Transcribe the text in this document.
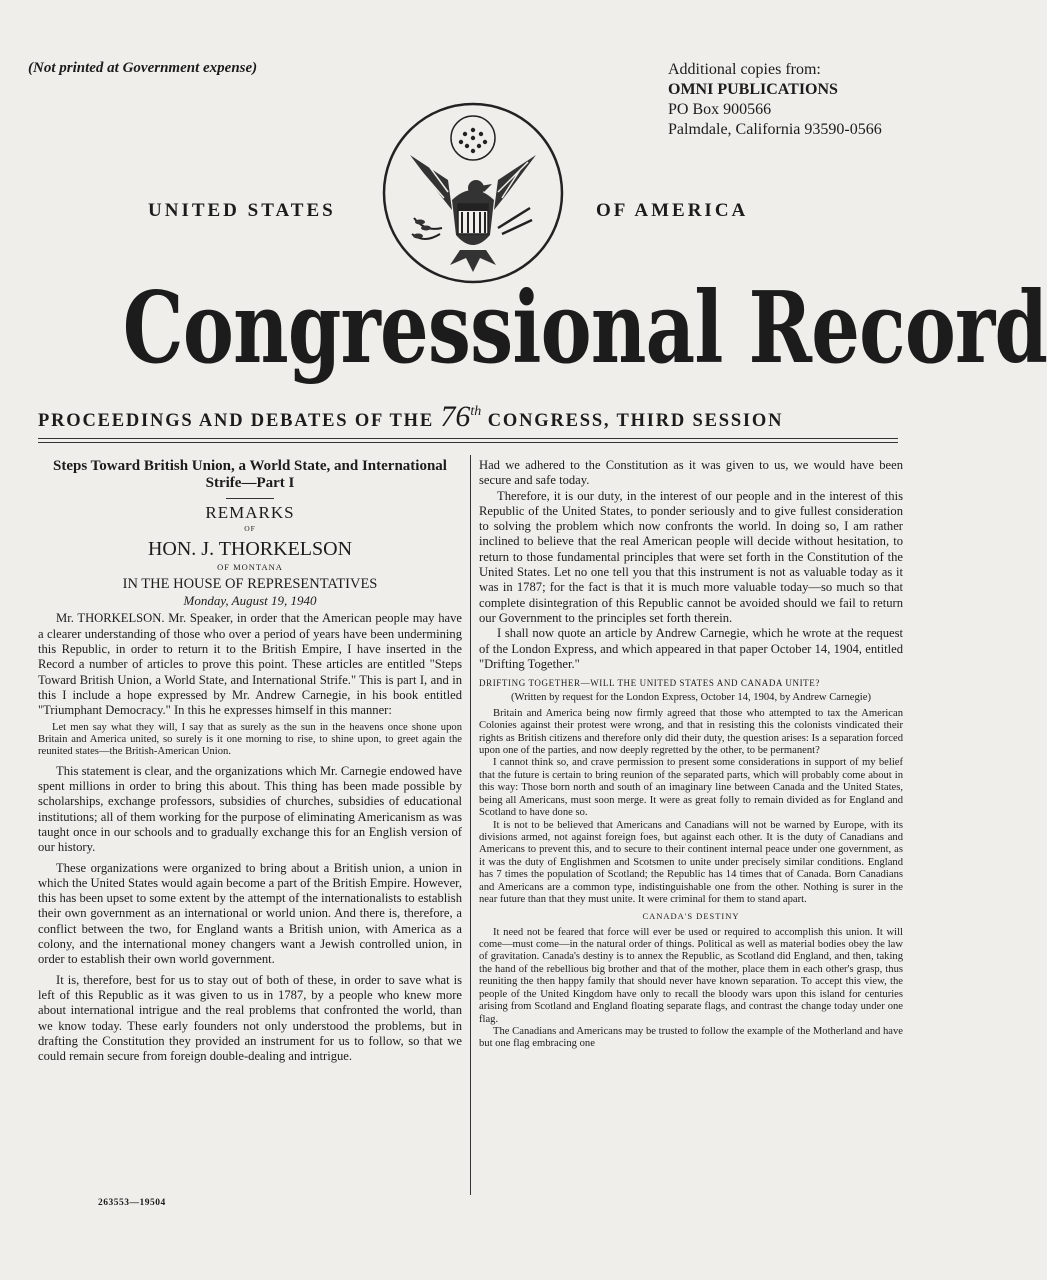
(Not printed at Government expense)	Additional copies from:
OMNI PUBLICATIONS
PO Box 900566
Palmdale, California 93590-0566
UNITED STATES	OF AMERICA
Congressional Record
PROCEEDINGS AND DEBATES OF THE 76th CONGRESS, THIRD SESSION
Steps Toward British Union, a World State, and International Strife—Part I
REMARKS
OF
HON. J. THORKELSON
OF MONTANA
IN THE HOUSE OF REPRESENTATIVES
Monday, August 19, 1940

Mr. THORKELSON. Mr. Speaker, in order that the American people may have a clearer understanding of those who over a period of years have been undermining this Republic, in order to return it to the British Empire, I have inserted in the Record a number of articles to prove this point. These articles are entitled "Steps Toward British Union, a World State, and International Strife." This is part I, and in this I include a hope expressed by Mr. Andrew Carnegie, in his book entitled "Triumphant Democracy." In this he expresses himself in this manner:

Let men say what they will, I say that as surely as the sun in the heavens once shone upon Britain and America united, so surely is it one morning to rise, to shine upon, to greet again the reunited states—the British-American Union.

This statement is clear, and the organizations which Mr. Carnegie endowed have spent millions in order to bring this about. This thing has been made possible by scholarships, exchange professors, subsidies of churches, subsidies of educational institutions; all of them working for the purpose of eliminating Americanism as was taught once in our schools and to gradually exchange this for an English version of our history.

These organizations were organized to bring about a British union, a union in which the United States would again become a part of the British Empire. However, this has been upset to some extent by the attempt of the internationalists to establish their own government as an international or world union. And there is, therefore, a conflict between the two, for England wants a British union, with America as a colony, and the international money changers want a Jewish controlled union, in order to establish their own world government.

It is, therefore, best for us to stay out of both of these, in order to save what is left of this Republic as it was given to us in 1787, by a people who knew more about international intrigue and the real problems that confronted the world, than we know today. These early founders not only understood the problems, but in drafting the Constitution they provided an instrument for us to follow, so that we could remain secure from foreign double-dealing and intrigue.

263553—19504

Had we adhered to the Constitution as it was given to us, we would have been secure and safe today.

Therefore, it is our duty, in the interest of our people and in the interest of this Republic of the United States, to ponder seriously and to give fullest consideration to solving the problem which now confronts the world. In doing so, I am rather inclined to believe that the real American people will decide without hesitation, to return to those fundamental principles that were set forth in the Constitution of the United States. Let no one tell you that this instrument is not as valuable today as it was in 1787; for the fact is that it is much more valuable today—so much so that complete disintegration of this Republic cannot be avoided should we fail to return our Government to the principles set forth therein.

I shall now quote an article by Andrew Carnegie, which he wrote at the request of the London Express, and which appeared in that paper October 14, 1904, entitled "Drifting Together."

DRIFTING TOGETHER—WILL THE UNITED STATES AND CANADA UNITE?

(Written by request for the London Express, October 14, 1904, by Andrew Carnegie)

Britain and America being now firmly agreed that those who attempted to tax the American Colonies against their protest were wrong, and that in resisting this the colonists vindicated their rights as British citizens and therefore only did their duty, the question arises: Is a separation forced upon one of the parties, and now deeply regretted by the other, to be permanent?

I cannot think so, and crave permission to present some considerations in support of my belief that the future is certain to bring reunion of the separated parts, which will probably come about in this way: Those born north and south of an imaginary line between Canada and the United States, being all Americans, must soon merge. It were as great folly to remain divided as for England and Scotland to have done so.

It is not to be believed that Americans and Canadians will not be warned by Europe, with its divisions armed, not against foreign foes, but against each other. It is the duty of Canadians and Americans to prevent this, and to secure to their continent internal peace under one government, as it was the duty of Englishmen and Scotsmen to unite under precisely similar conditions. England has 7 times the population of Scotland; the Republic has 14 times that of Canada. Born Canadians and Americans are a common type, indistinguishable one from the other. Nothing is surer in the near future than that they must unite. It were criminal for them to stand apart.

CANADA'S DESTINY

It need not be feared that force will ever be used or required to accomplish this union. It will come—must come—in the natural order of things. Political as well as material bodies obey the law of gravitation. Canada's destiny is to annex the Republic, as Scotland did England, and then, taking the hand of the rebellious big brother and that of the mother, place them in each other's grasp, thus reuniting the then happy family that should never have known separation. To accept this view, the people of the United Kingdom have only to recall the bloody wars upon this island for centuries arising from Scotland and England floating separate flags, and contrast the change today under one flag.

The Canadians and Americans may be trusted to follow the example of the Motherland and have but one flag embracing one
